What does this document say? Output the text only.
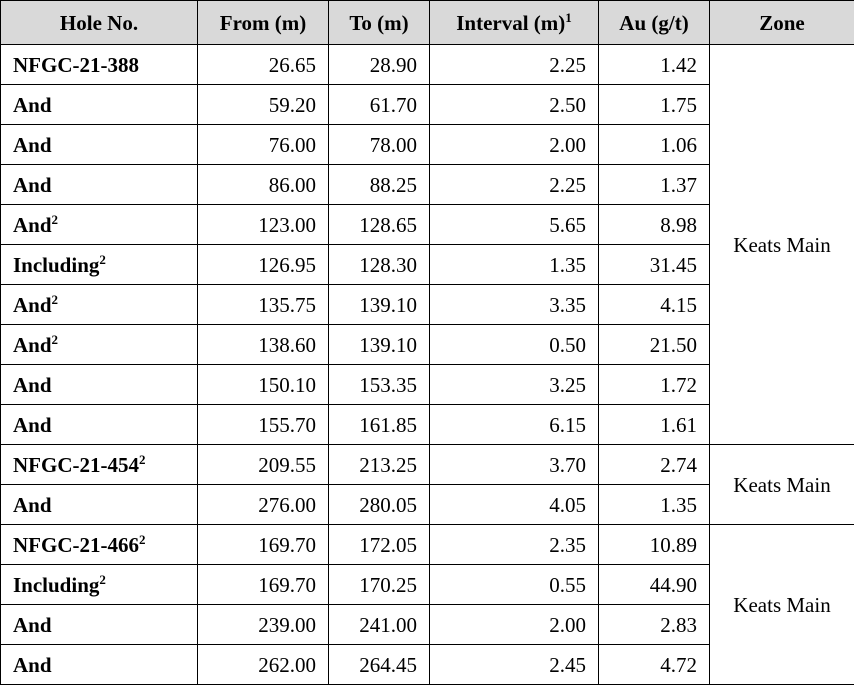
Hole No.	From (m)	To (m)	Interval $(m)^1$	Au (g/t)	Zone
NFGC-21-388	26.65	28.90	2.25	1.42	Keats Main
And	59.20	61.70	2.50	1.75	
And	76.00	78.00	2.00	1.06	
And	86.00	88.25	2.25	1.37	
And$^2$	123.00	128.65	5.65	8.98	
Including$^2$	126.95	128.30	1.35	31.45	
And$^2$	135.75	139.10	3.35	4.15	
And$^2$	138.60	139.10	0.50	21.50	
And	150.10	153.35	3.25	1.72	
And	155.70	161.85	6.15	1.61	
NFGC-$21-454^2$	209.55	213.25	3.70	2.74	Keats Main
And	276.00	280.05	4.05	1.35	
NFGC-$21-466^2$	169.70	172.05	2.35	10.89	Keats Main
Including$^2$	169.70	170.25	0.55	44.90	
And	239.00	241.00	2.00	2.83	
And	262.00	264.45	2.45	4.72	
